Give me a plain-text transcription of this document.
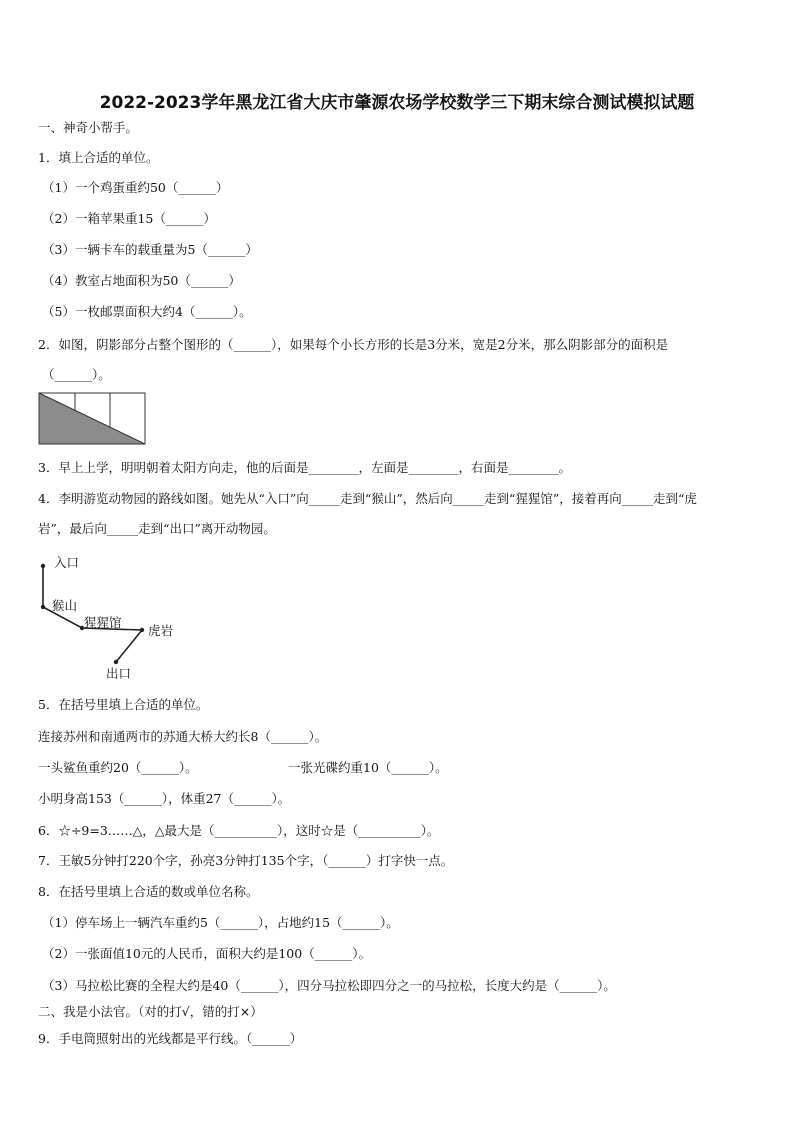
2022-2023学年黑龙江省大庆市肇源农场学校数学三下期末综合测试模拟试题
一、神奇小帮手。
1．填上合适的单位。
（1）一个鸡蛋重约50（______）
（2）一箱苹果重15（______）
（3）一辆卡车的载重量为5（______）
（4）教室占地面积为50（______）
（5）一枚邮票面积大约4（______）。
2．如图，阴影部分占整个图形的（______），如果每个小长方形的长是3分米，宽是2分米，那么阴影部分的面积是
（______）。
3．早上上学，明明朝着太阳方向走，他的后面是________，左面是________，右面是________。
4．李明游览动物园的路线如图。她先从“入口”向_____走到“猴山”，然后向_____走到“猩猩馆”，接着再向_____走到“虎
岩”，最后向_____走到“出口”离开动物园。
入口
猴山
猩猩馆
虎岩
出口
5．在括号里填上合适的单位。
连接苏州和南通两市的苏通大桥大约长8（______）。
一头鲨鱼重约20（______）。	一张光碟约重10（______）。
小明身高153（______），体重27（______）。
6．☆÷9=3……△，△最大是（__________），这时☆是（__________）。
7．王敏5分钟打220个字，孙亮3分钟打135个字，（______）打字快一点。
8．在括号里填上合适的数或单位名称。
（1）停车场上一辆汽车重约5（______），占地约15（______）。
（2）一张面值10元的人民币，面积大约是100（______）。
（3）马拉松比赛的全程大约是40（______），四分马拉松即四分之一的马拉松，长度大约是（______）。
二、我是小法官。（对的打√，错的打×）
9．手电筒照射出的光线都是平行线。（______）
